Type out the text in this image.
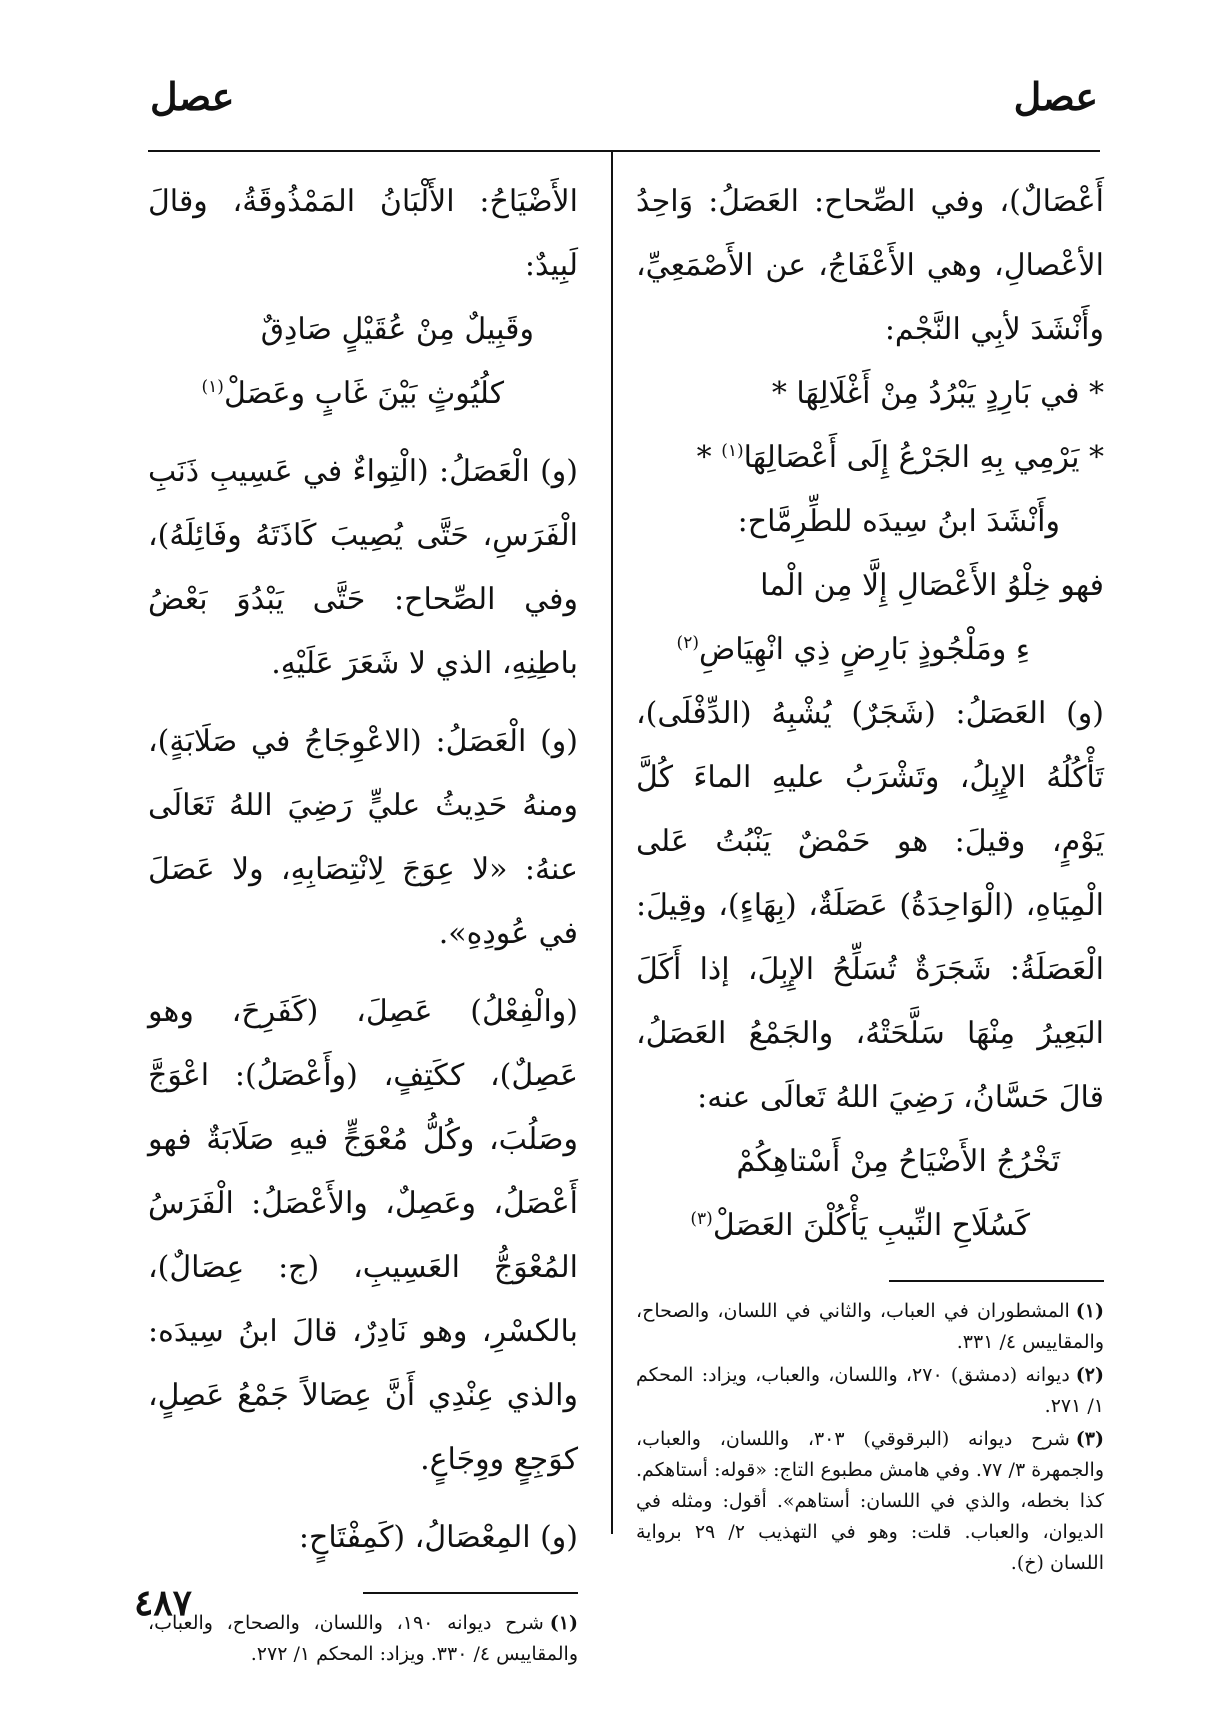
عصل
عصل

أَعْصَالٌ)، وفي الصِّحاح: العَصَلُ: وَاحِدُ الأعْصالِ، وهي الأَعْفَاجُ، عن الأَصْمَعِيِّ، وأَنْشَدَ لأبِي النَّجْم:

* في بَارِدٍ يَبْرُدُ مِنْ أَغْلَالِهَا *

* يَرْمِي بِهِ الجَرْعُ إِلَى أَعْصَالِهَا$^{(١)}$ *

وأَنْشَدَ ابنُ سِيدَه للطِّرِمَّاح:

فهو خِلْوُ الأَعْصَالِ إِلَّا مِن الْما

ءِ ومَلْجُوذٍ بَارِضٍ ذِي انْهِيَاضِ$^{(٢)}$

(و) العَصَلُ: (شَجَرٌ) يُشْبِهُ (الدِّفْلَى)، تَأْكُلُهُ الإِبِلُ، وتَشْرَبُ عليهِ الماءَ كُلَّ يَوْمٍ، وقيلَ: هو حَمْضٌ يَنْبُتُ عَلى الْمِيَاهِ، (الْوَاحِدَةُ) عَصَلَةٌ، (بِهَاءٍ)، وقِيلَ: الْعَصَلَةُ: شَجَرَةٌ تُسَلِّحُ الإِبِلَ، إذا أَكَلَ البَعِيرُ مِنْهَا سَلَّحَتْهُ، والجَمْعُ العَصَلُ، قالَ حَسَّانُ، رَضِيَ اللهُ تَعالَى عنه:

تَخْرُجُ الأَضْيَاحُ مِنْ أَسْتاهِكُمْ

كَسُلَاحِ النِّيبِ يَأْكُلْنَ العَصَلْ$^{(٣)}$

(١)المشطوران في العباب، والثاني في اللسان، والصحاح، والمقاييس ٤/ ٣٣١.

(٢)ديوانه (دمشق) ٢٧٠، واللسان، والعباب، ويزاد: المحكم ١/ ٢٧١.

(٣)شرح ديوانه (البرقوقي) ٣٠٣، واللسان، والعباب، والجمهرة ٣/ ٧٧. وفي هامش مطبوع التاج: «قوله: أستاهكم. كذا بخطه، والذي في اللسان: أستاهم». أقول: ومثله في الديوان، والعباب. قلت: وهو في التهذيب ٢/ ٢٩ برواية اللسان (خ).

الأَضْيَاحُ: الأَلْبَانُ المَمْذُوقَةُ، وقالَ لَبِيدٌ:

وقَبِيلٌ مِنْ عُقَيْلٍ صَادِقٌ

كلُيُوثٍ بَيْنَ غَابٍ وعَصَلْ$^{(١)}$

(و) الْعَصَلُ: (الْتِواءٌ في عَسِيبِ ذَنَبِ الْفَرَسِ، حَتَّى يُصِيبَ كَاذَتَهُ وفَائِلَهُ)، وفي الصِّحاح: حَتَّى يَبْدُوَ بَعْضُ باطِنِهِ، الذي لا شَعَرَ عَلَيْهِ.

(و) الْعَصَلُ: (الاعْوِجَاجُ في صَلَابَةٍ)، ومنهُ حَدِيثُ عليٍّ رَضِيَ اللهُ تَعَالَى عنهُ: «لا عِوَجَ لِانْتِصَابِهِ، ولا عَصَلَ في عُودِهِ».

(والْفِعْلُ) عَصِلَ، (كَفَرِحَ، وهو عَصِلٌ)، ككَتِفٍ، (وأَعْصَلُ): اعْوَجَّ وصَلُبَ، وكُلُّ مُعْوَجٍّ فيهِ صَلَابَةٌ فهو أَعْصَلُ، وعَصِلٌ، والأَعْصَلُ: الْفَرَسُ المُعْوَجُّ العَسِيبِ، (ج: عِصَالٌ)، بالكسْرِ، وهو نَادِرٌ، قالَ ابنُ سِيدَه: والذي عِنْدِي أَنَّ عِصَالاً جَمْعُ عَصِلٍ، كوَجِعٍ ووِجَاعٍ.

(و) المِعْصَالُ، (كَمِفْتَاحٍ:

(١)شرح ديوانه ١٩٠، واللسان، والصحاح، والعباب، والمقاييس ٤/ ٣٣٠. ويزاد: المحكم ١/ ٢٧٢.

٤٨٧
